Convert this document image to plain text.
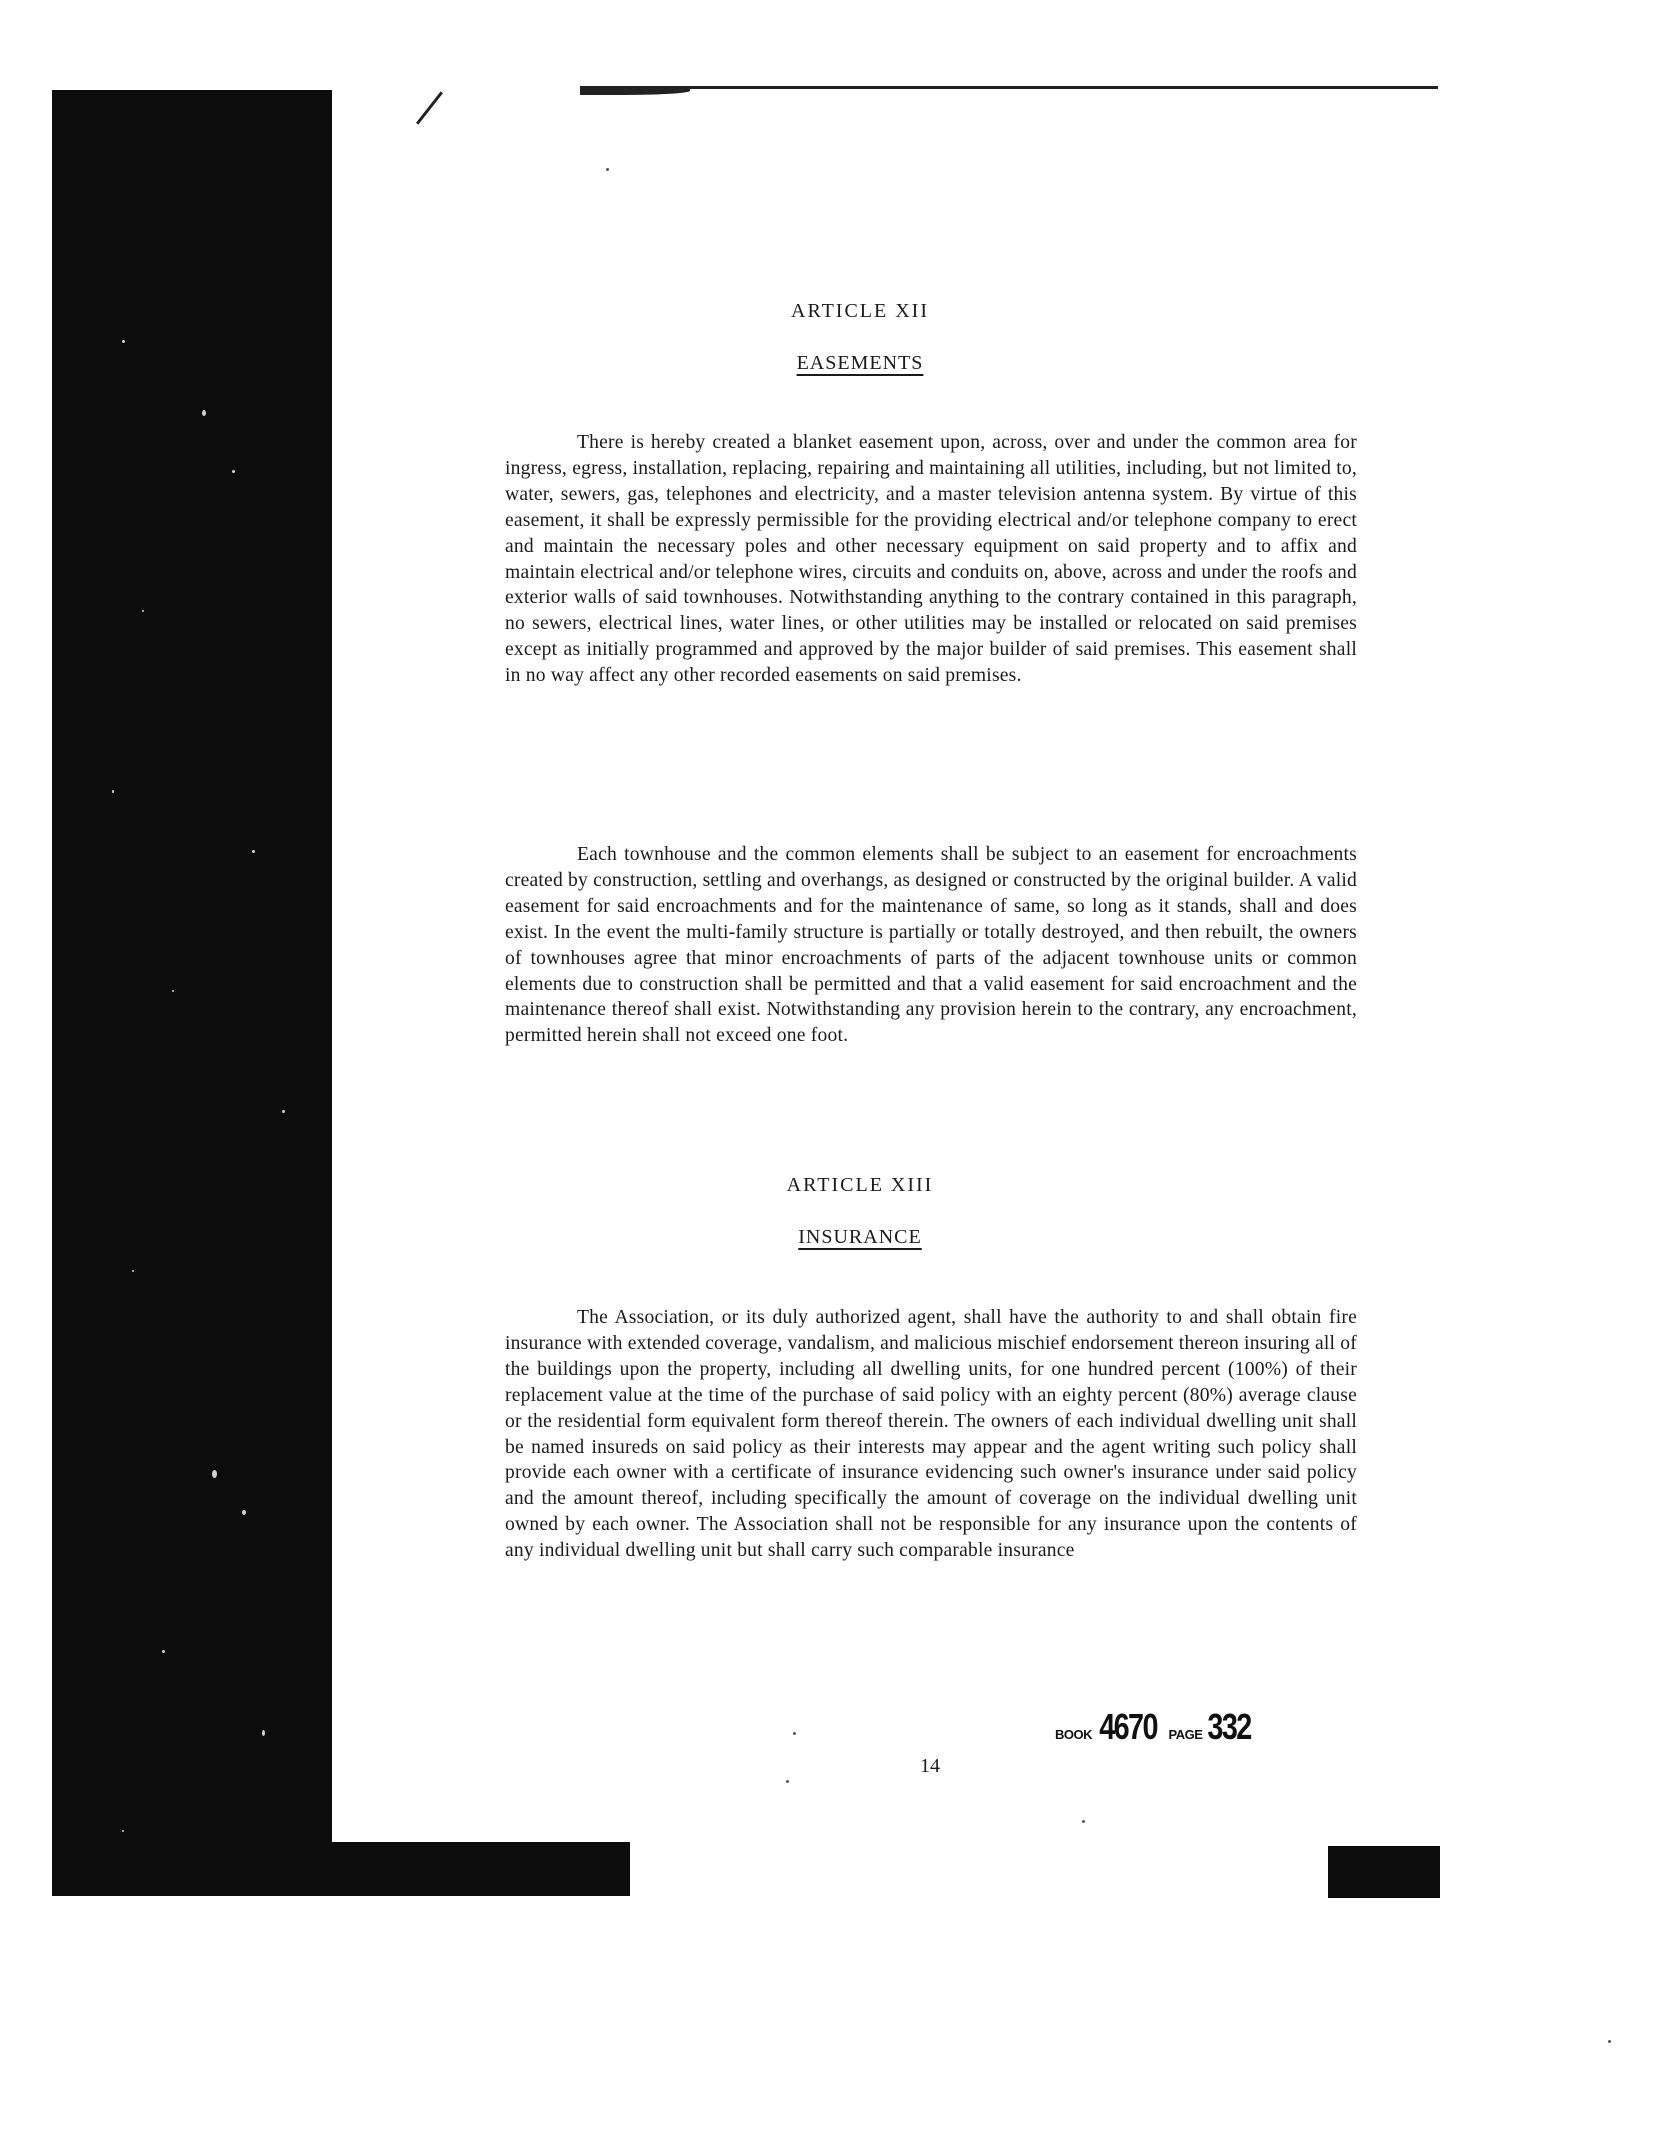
ARTICLE XII
EASEMENTS

There is hereby created a blanket easement upon, across, over and under the common area for ingress, egress, installation, replacing, repairing and maintaining all utilities, including, but not limited to, water, sewers, gas, telephones and electricity, and a master television antenna system. By virtue of this easement, it shall be expressly permissible for the providing electrical and/or telephone company to erect and maintain the necessary poles and other necessary equipment on said property and to affix and maintain electrical and/or telephone wires, circuits and conduits on, above, across and under the roofs and exterior walls of said townhouses. Notwithstanding anything to the contrary contained in this paragraph, no sewers, electrical lines, water lines, or other utilities may be installed or relocated on said premises except as initially programmed and approved by the major builder of said premises. This easement shall in no way affect any other recorded easements on said premises.

Each townhouse and the common elements shall be subject to an easement for encroachments created by construction, settling and overhangs, as designed or constructed by the original builder. A valid easement for said encroachments and for the maintenance of same, so long as it stands, shall and does exist. In the event the multi-family structure is partially or totally destroyed, and then rebuilt, the owners of townhouses agree that minor encroachments of parts of the adjacent townhouse units or common elements due to construction shall be permitted and that a valid easement for said encroachment and the maintenance thereof shall exist. Notwithstanding any provision herein to the contrary, any encroachment, permitted herein shall not exceed one foot.

ARTICLE XIII
INSURANCE

The Association, or its duly authorized agent, shall have the authority to and shall obtain fire insurance with extended coverage, vandalism, and malicious mischief endorsement thereon insuring all of the buildings upon the property, including all dwelling units, for one hundred percent (100%) of their replacement value at the time of the purchase of said policy with an eighty percent (80%) average clause or the residential form equivalent form thereof therein. The owners of each individual dwelling unit shall be named insureds on said policy as their interests may appear and the agent writing such policy shall provide each owner with a certificate of insurance evidencing such owner's insurance under said policy and the amount thereof, including specifically the amount of coverage on the individual dwelling unit owned by each owner. The Association shall not be responsible for any insurance upon the contents of any individual dwelling unit but shall carry such comparable insurance

BOOK 4670 PAGE 332

14
